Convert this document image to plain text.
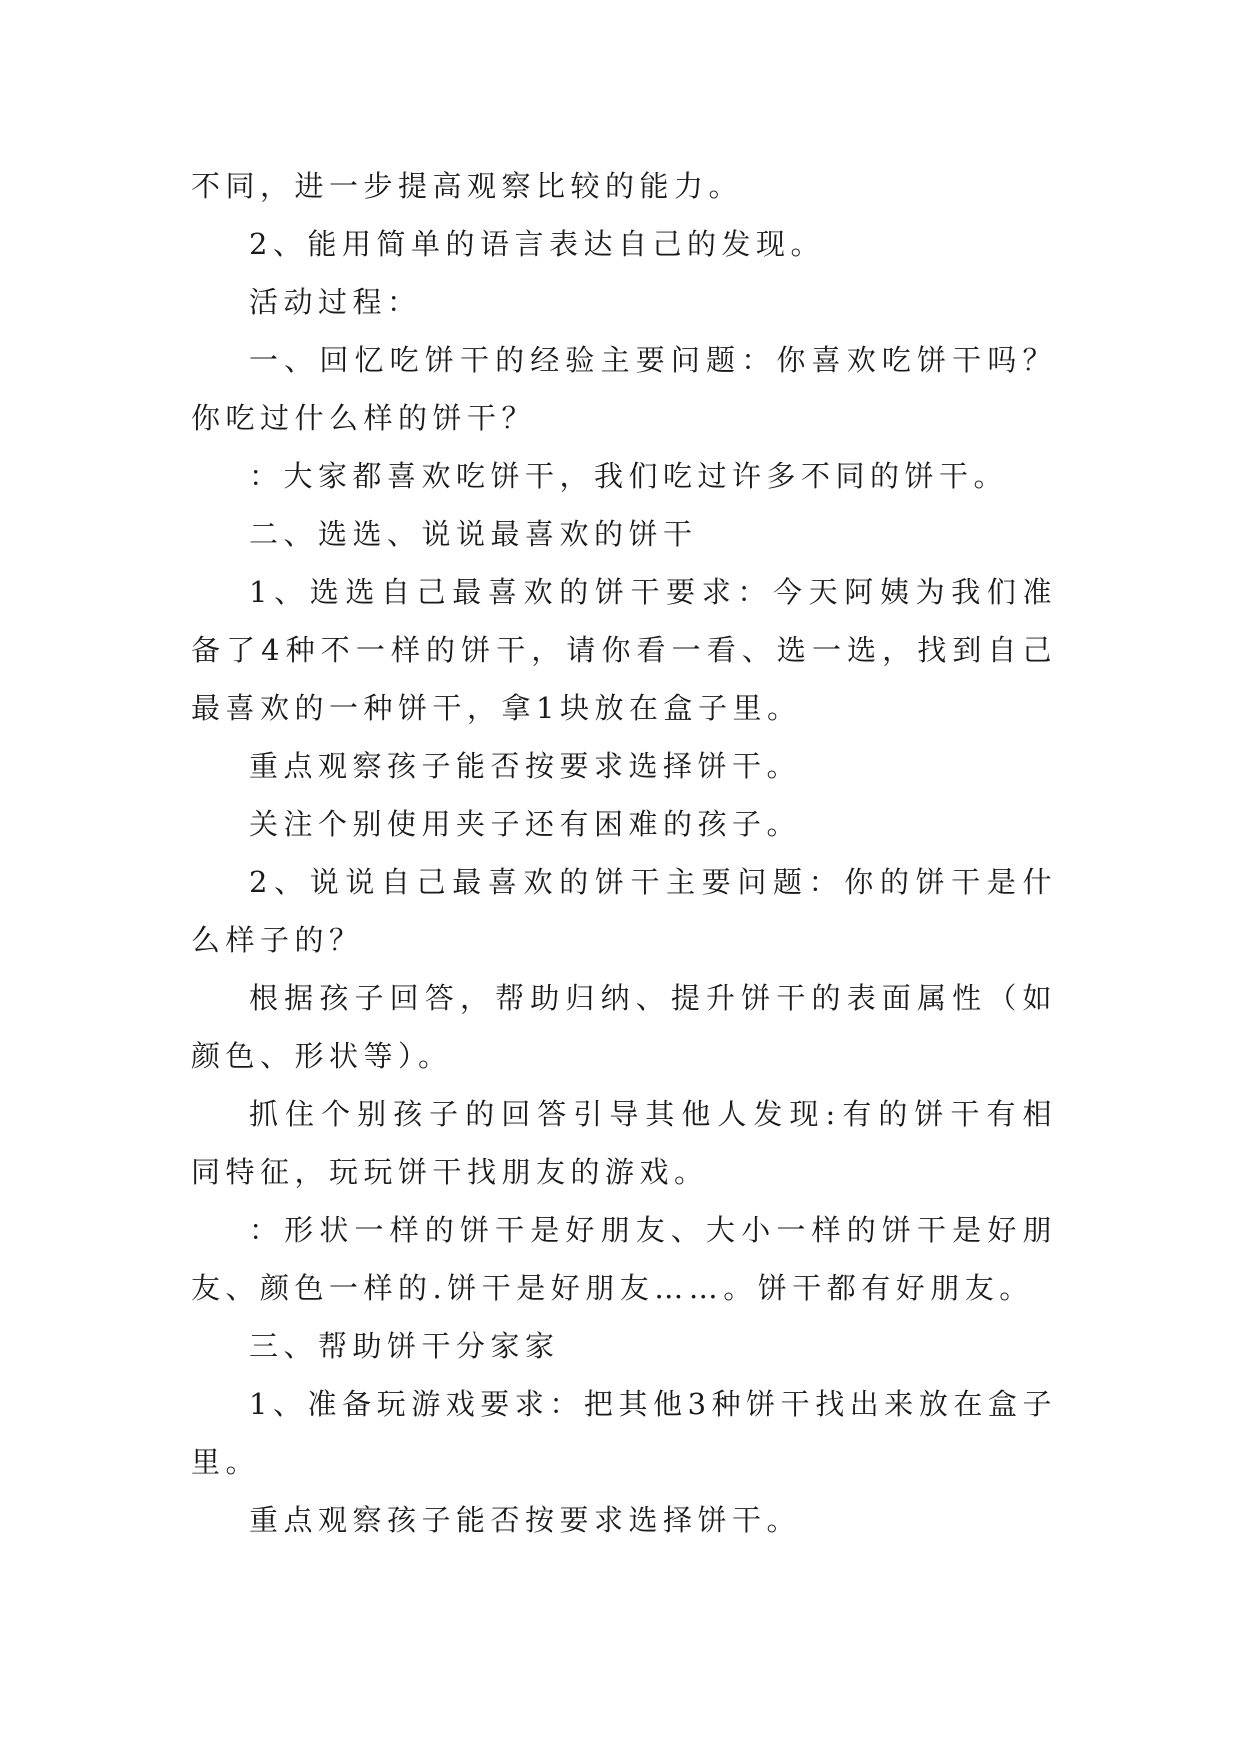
不同，进一步提高观察比较的能力。

2、能用简单的语言表达自己的发现。

活动过程：

一、回忆吃饼干的经验主要问题：你喜欢吃饼干吗？你吃过什么样的饼干？

：大家都喜欢吃饼干，我们吃过许多不同的饼干。

二、选选、说说最喜欢的饼干

1、选选自己最喜欢的饼干要求：今天阿姨为我们准备了4种不一样的饼干，请你看一看、选一选，找到自己最喜欢的一种饼干，拿1块放在盒子里。

重点观察孩子能否按要求选择饼干。

关注个别使用夹子还有困难的孩子。

2、说说自己最喜欢的饼干主要问题：你的饼干是什么样子的？

根据孩子回答，帮助归纳、提升饼干的表面属性（如颜色、形状等）。

抓住个别孩子的回答引导其他人发现:有的饼干有相同特征，玩玩饼干找朋友的游戏。

：形状一样的饼干是好朋友、大小一样的饼干是好朋友、颜色一样的.饼干是好朋友……。饼干都有好朋友。

三、帮助饼干分家家

1、准备玩游戏要求：把其他3种饼干找出来放在盒子里。

重点观察孩子能否按要求选择饼干。
